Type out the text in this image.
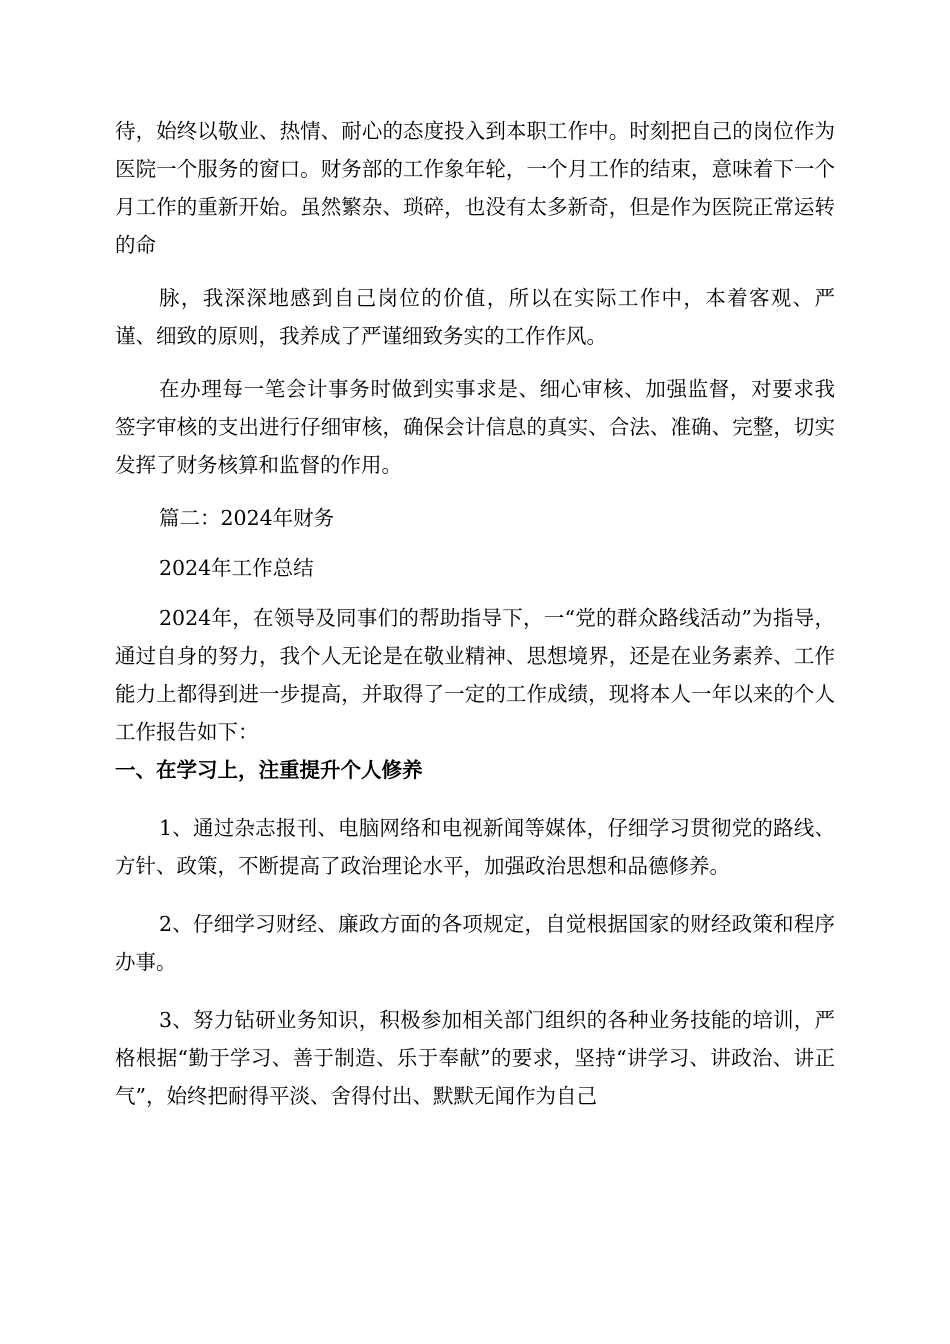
待，始终以敬业、热情、耐心的态度投入到本职工作中。时刻把自己的岗位作为医院一个服务的窗口。财务部的工作象年轮，一个月工作的结束，意味着下一个月工作的重新开始。虽然繁杂、琐碎，也没有太多新奇，但是作为医院正常运转的命

脉，我深深地感到自己岗位的价值，所以在实际工作中，本着客观、严谨、细致的原则，我养成了严谨细致务实的工作作风。

在办理每一笔会计事务时做到实事求是、细心审核、加强监督，对要求我签字审核的支出进行仔细审核，确保会计信息的真实、合法、准确、完整，切实发挥了财务核算和监督的作用。

篇二：2024年财务

2024年工作总结

2024年，在领导及同事们的帮助指导下，一“党的群众路线活动”为指导，通过自身的努力，我个人无论是在敬业精神、思想境界，还是在业务素养、工作能力上都得到进一步提高，并取得了一定的工作成绩，现将本人一年以来的个人工作报告如下：

一、在学习上，注重提升个人修养

1、通过杂志报刊、电脑网络和电视新闻等媒体，仔细学习贯彻党的路线、方针、政策，不断提高了政治理论水平，加强政治思想和品德修养。

2、仔细学习财经、廉政方面的各项规定，自觉根据国家的财经政策和程序办事。

3、努力钻研业务知识，积极参加相关部门组织的各种业务技能的培训，严格根据“勤于学习、善于制造、乐于奉献”的要求，坚持“讲学习、讲政治、讲正气”，始终把耐得平淡、舍得付出、默默无闻作为自己
